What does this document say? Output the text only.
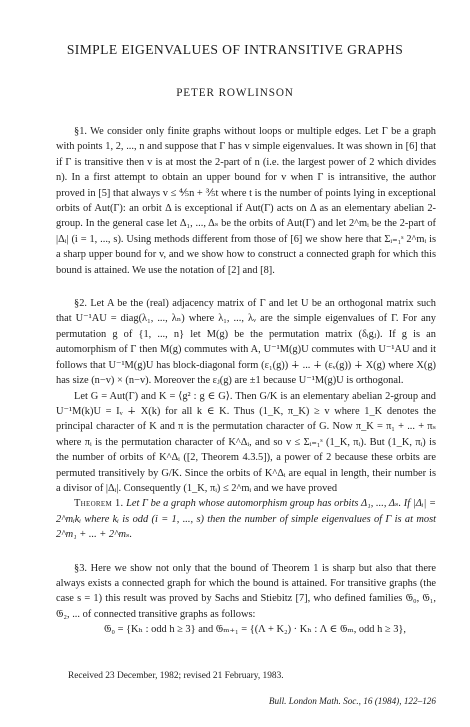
SIMPLE EIGENVALUES OF INTRANSITIVE GRAPHS
PETER ROWLINSON

§1. We consider only finite graphs without loops or multiple edges. Let Γ be a graph with points 1, 2, ..., n and suppose that Γ has v simple eigenvalues. It was shown in [6] that if Γ is transitive then v is at most the 2-part of n (i.e. the largest power of 2 which divides n). In a first attempt to obtain an upper bound for v when Γ is intransitive, the author proved in [5] that always v ≤ ⅘n + ⅗t where t is the number of points lying in exceptional orbits of Aut(Γ): an orbit Δ is exceptional if Aut(Γ) acts on Δ as an elementary abelian 2-group. In the general case let Δ₁, ..., Δₛ be the orbits of Aut(Γ) and let 2^mᵢ be the 2-part of |Δᵢ| (i = 1, ..., s). Using methods different from those of [6] we show here that Σᵢ₌₁ˢ 2^mᵢ is a sharp upper bound for v, and we show how to construct a connected graph for which this bound is attained. We use the notation of [2] and [8].

§2. Let A be the (real) adjacency matrix of Γ and let U be an orthogonal matrix such that U⁻¹AU = diag(λ₁, ..., λₙ) where λ₁, ..., λᵥ are the simple eigenvalues of Γ. For any permutation g of {1, ..., n} let M(g) be the permutation matrix (δᵢgⱼ). If g is an automorphism of Γ then M(g) commutes with A, U⁻¹M(g)U commutes with U⁻¹AU and it follows that U⁻¹M(g)U has block-diagonal form (ε₁(g)) ∔ ... ∔ (εᵥ(g)) ∔ X(g) where X(g) has size (n−v) × (n−v). Moreover the εⱼ(g) are ±1 because U⁻¹M(g)U is orthogonal.

Let G = Aut(Γ) and K = ⟨g² : g ∈ G⟩. Then G/K is an elementary abelian 2-group and U⁻¹M(k)U = Iᵥ ∔ X(k) for all k ∈ K. Thus (1_K, π_K) ≥ v where 1_K denotes the principal character of K and π is the permutation character of G. Now π_K = π₁ + ... + πₛ where πᵢ is the permutation character of K^Δᵢ, and so v ≤ Σᵢ₌₁ˢ (1_K, πᵢ). But (1_K, πᵢ) is the number of orbits of K^Δᵢ ([2, Theorem 4.3.5]), a power of 2 because these orbits are permuted transitively by G/K. Since the orbits of K^Δᵢ are equal in length, their number is a divisor of |Δᵢ|. Consequently (1_K, πᵢ) ≤ 2^mᵢ and we have proved

Theorem 1. Let Γ be a graph whose automorphism group has orbits Δ₁, ..., Δₛ. If |Δᵢ| = 2^mᵢkᵢ where kᵢ is odd (i = 1, ..., s) then the number of simple eigenvalues of Γ is at most 2^m₁ + ... + 2^mₛ.

§3. Here we show not only that the bound of Theorem 1 is sharp but also that there always exists a connected graph for which the bound is attained. For transitive graphs (the case s = 1) this result was proved by Sachs and Stiebitz [7], who defined families 𝔊₀, 𝔊₁, 𝔊₂, ... of connected transitive graphs as follows:

𝔊₀ = {Kₕ : odd h ≥ 3} and 𝔊ₘ₊₁ = {(Λ + K₂) · Kₕ : Λ ∈ 𝔊ₘ, odd h ≥ 3},

Received 23 December, 1982; revised 21 February, 1983.
Bull. London Math. Soc., 16 (1984), 122–126
